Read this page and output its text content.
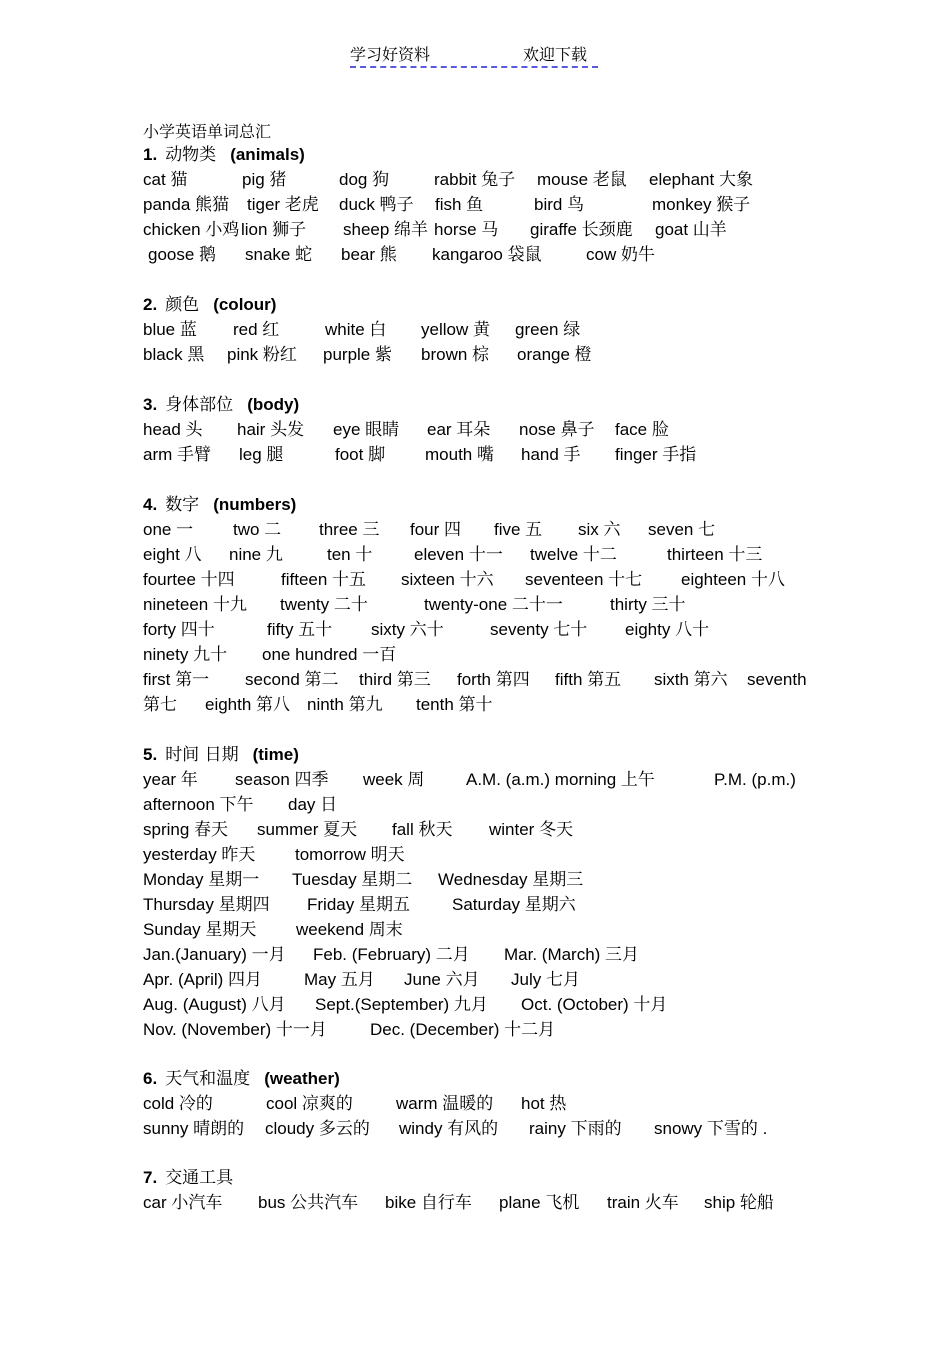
学习好资料	欢迎下载
小学英语单词总汇
1. 动物类 (animals)
cat 猫	pig 猪	dog 狗	rabbit 兔子 mouse 老鼠 elephant 大象
panda 熊猫 tiger 老虎 duck 鸭子 fish 鱼	bird 鸟	monkey 猴子
chicken 小鸡 lion 狮子 sheep 绵羊 horse 马 giraffe 长颈鹿 goat 山羊
goose 鹅 snake 蛇 bear 熊 kangaroo 袋鼠	cow 奶牛
2. 颜色 (colour)
blue 蓝 red 红	white 白 yellow 黄 green 绿
black 黑 pink 粉红 purple 紫 brown 棕 orange 橙
3. 身体部位 (body)
head 头 hair 头发 eye 眼睛 ear 耳朵 nose 鼻子 face 脸
arm 手臂 leg 腿	foot 脚 mouth 嘴 hand 手 finger 手指
4. 数字 (numbers)
one 一 two 二 three 三 four 四 five 五 six 六 seven 七
eight 八 nine 九	ten 十 eleven 十一 twelve 十二	thirteen 十三
fourtee 十四	fifteen 十五 sixteen 十六 seventeen 十七 eighteen 十八
nineteen 十九 twenty 二十	twenty-one 二十一	thirty 三十
forty 四十	fifty 五十 sixty 六十	seventy 七十 eighty 八十
ninety 九十 one hundred 一百
first 第一 second 第二 third 第三 forth 第四 fifth 第五 sixth 第六 seventh
第七 eighth 第八 ninth 第九 tenth 第十
5. 时间 日期 (time)
year 年 season 四季 week 周 A.M. (a.m.) morning 上午	P.M. (p.m.)
afternoon 下午 day 日
spring 春天 summer 夏天 fall 秋天 winter 冬天
yesterday 昨天 tomorrow 明天
Monday 星期一 Tuesday 星期二 Wednesday 星期三
Thursday 星期四 Friday 星期五 Saturday 星期六
Sunday 星期天 weekend 周末
Jan.(January) 一月 Feb. (February) 二月 Mar. (March) 三月
Apr. (April) 四月 May 五月 June 六月 July 七月
Aug. (August) 八月 Sept.(September) 九月 Oct. (October) 十月
Nov. (November) 十一月	Dec. (December) 十二月
6. 天气和温度 (weather)
cold 冷的	cool 凉爽的	warm 温暖的 hot 热
sunny 晴朗的 cloudy 多云的 windy 有风的 rainy 下雨的 snowy 下雪的 .
7. 交通工具
car 小汽车 bus 公共汽车 bike 自行车 plane 飞机 train 火车 ship 轮船
